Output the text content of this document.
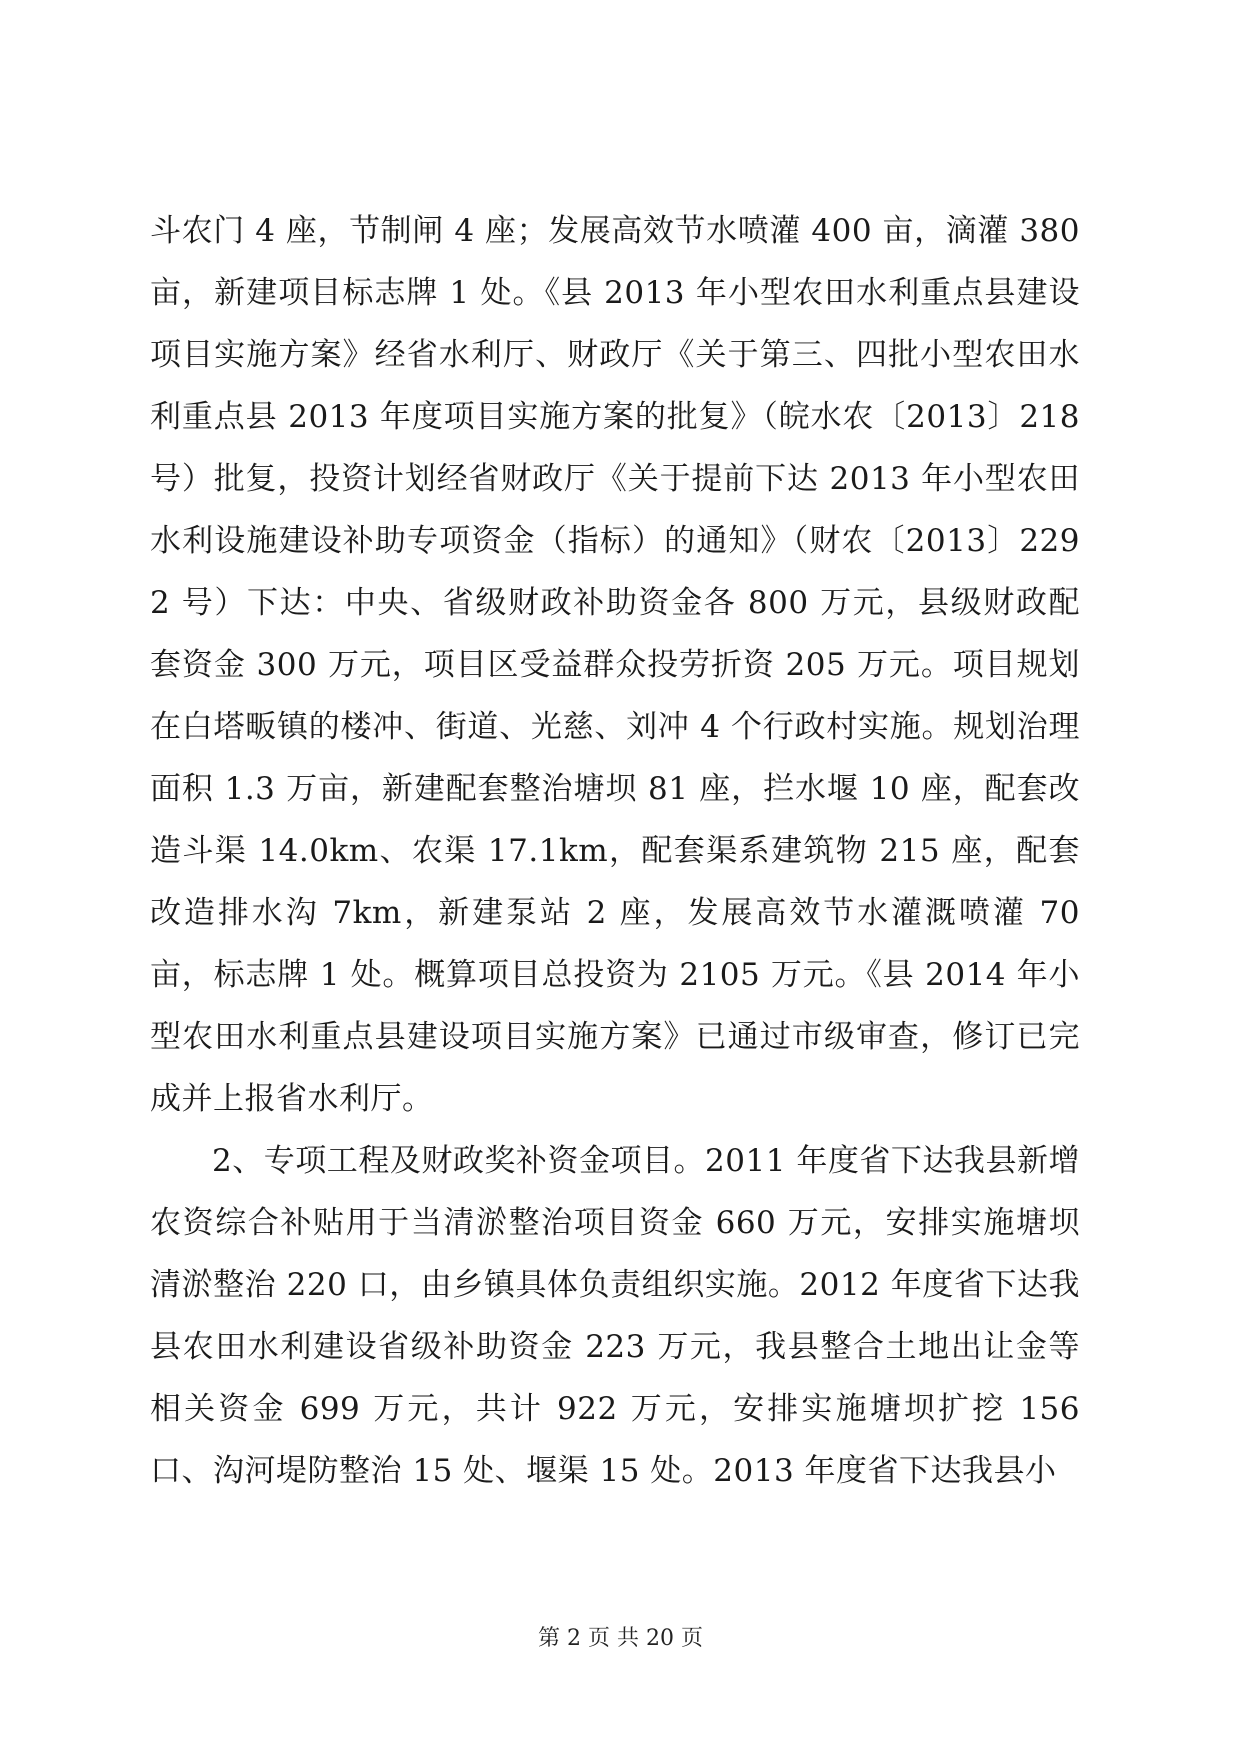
斗农门 4 座，节制闸 4 座；发展高效节水喷灌 400 亩，滴灌 380 亩，新建项目标志牌 1 处。《县 2013 年小型农田水利重点县建设项目实施方案》经省水利厅、财政厅《关于第三、四批小型农田水利重点县 2013 年度项目实施方案的批复》（皖水农〔2013〕218 号）批复，投资计划经省财政厅《关于提前下达 2013 年小型农田水利设施建设补助专项资金（指标）的通知》（财农〔2013〕2292 号）下达：中央、省级财政补助资金各 800 万元，县级财政配套资金 300 万元，项目区受益群众投劳折资 205 万元。项目规划在白塔畈镇的楼冲、街道、光慈、刘冲 4 个行政村实施。规划治理面积 1.3 万亩，新建配套整治塘坝 81 座，拦水堰 10 座，配套改造斗渠 14.0km、农渠 17.1km，配套渠系建筑物 215 座，配套改造排水沟 7km，新建泵站 2 座，发展高效节水灌溉喷灌 70 亩，标志牌 1 处。概算项目总投资为 2105 万元。《县 2014 年小型农田水利重点县建设项目实施方案》已通过市级审查，修订已完成并上报省水利厅。

2、专项工程及财政奖补资金项目。2011 年度省下达我县新增农资综合补贴用于当清淤整治项目资金 660 万元，安排实施塘坝清淤整治 220 口，由乡镇具体负责组织实施。2012 年度省下达我县农田水利建设省级补助资金 223 万元，我县整合土地出让金等相关资金 699 万元，共计 922 万元，安排实施塘坝扩挖 156 口、沟河堤防整治 15 处、堰渠 15 处。2013 年度省下达我县小

第 2 页 共 20 页
